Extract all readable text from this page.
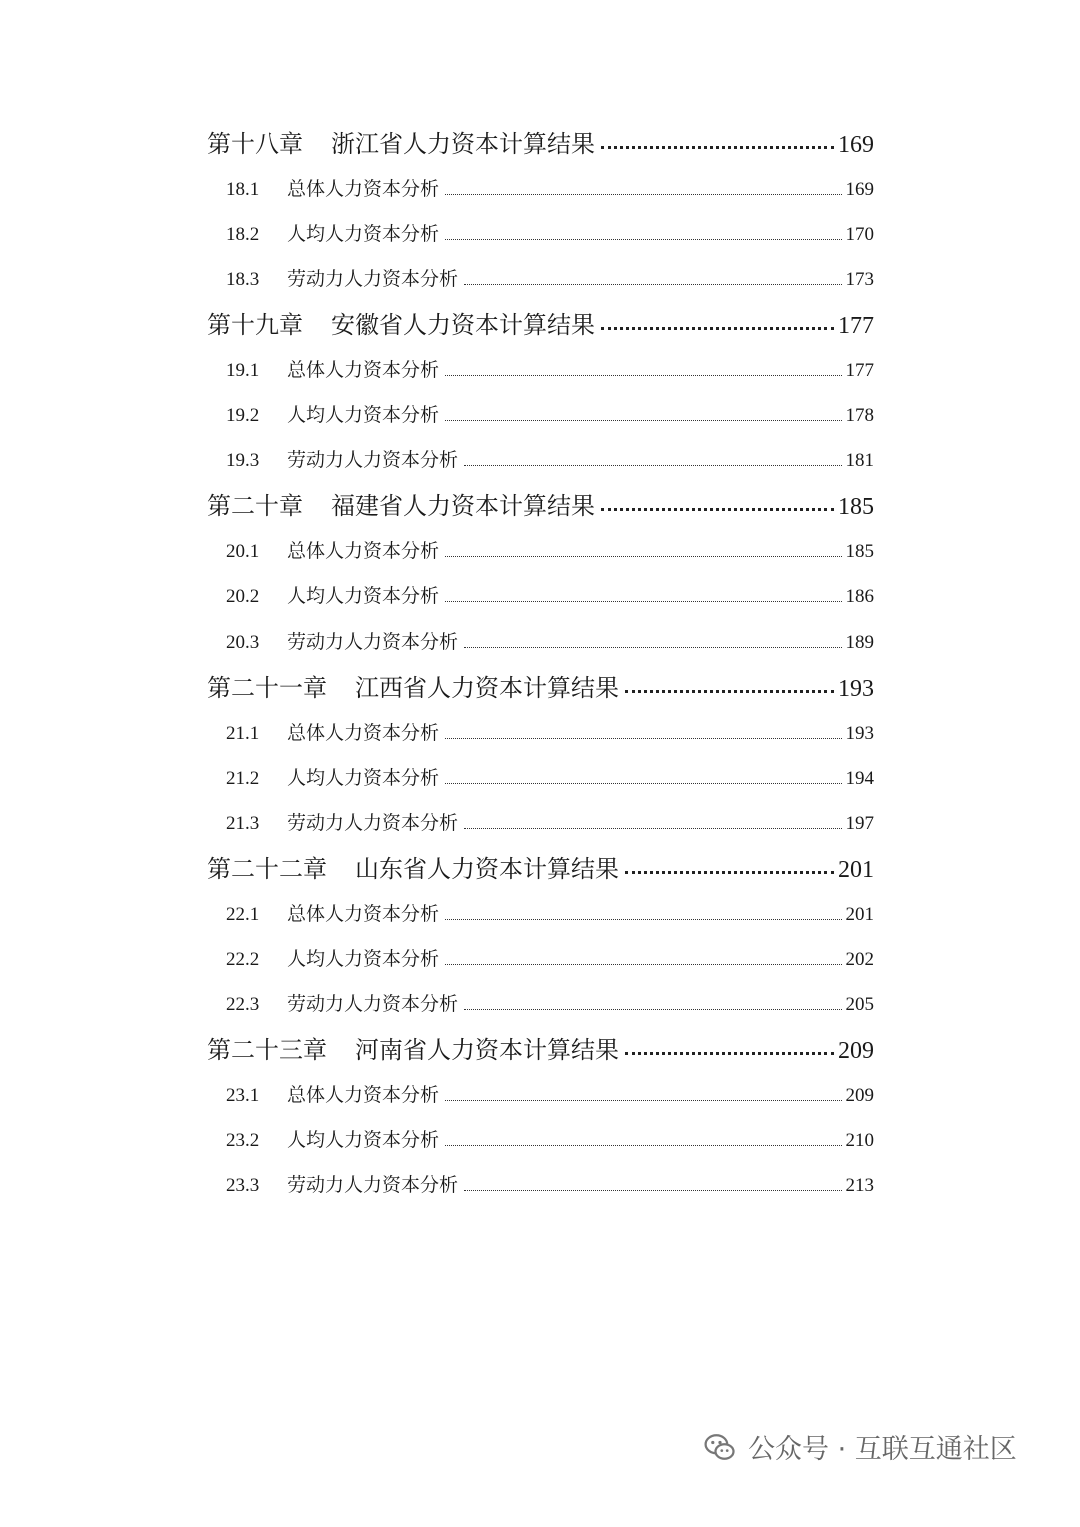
第十八章 浙江省人力资本计算结果	169
18.1	总体人力资本分析	169
18.2	人均人力资本分析	170
18.3	劳动力人力资本分析	173
第十九章 安徽省人力资本计算结果	177
19.1	总体人力资本分析	177
19.2	人均人力资本分析	178
19.3	劳动力人力资本分析	181
第二十章 福建省人力资本计算结果	185
20.1	总体人力资本分析	185
20.2	人均人力资本分析	186
20.3	劳动力人力资本分析	189
第二十一章 江西省人力资本计算结果	193
21.1	总体人力资本分析	193
21.2	人均人力资本分析	194
21.3	劳动力人力资本分析	197
第二十二章 山东省人力资本计算结果	201
22.1	总体人力资本分析	201
22.2	人均人力资本分析	202
22.3	劳动力人力资本分析	205
第二十三章 河南省人力资本计算结果	209
23.1	总体人力资本分析	209
23.2	人均人力资本分析	210
23.3	劳动力人力资本分析	213
公众号 · 互联互通社区
